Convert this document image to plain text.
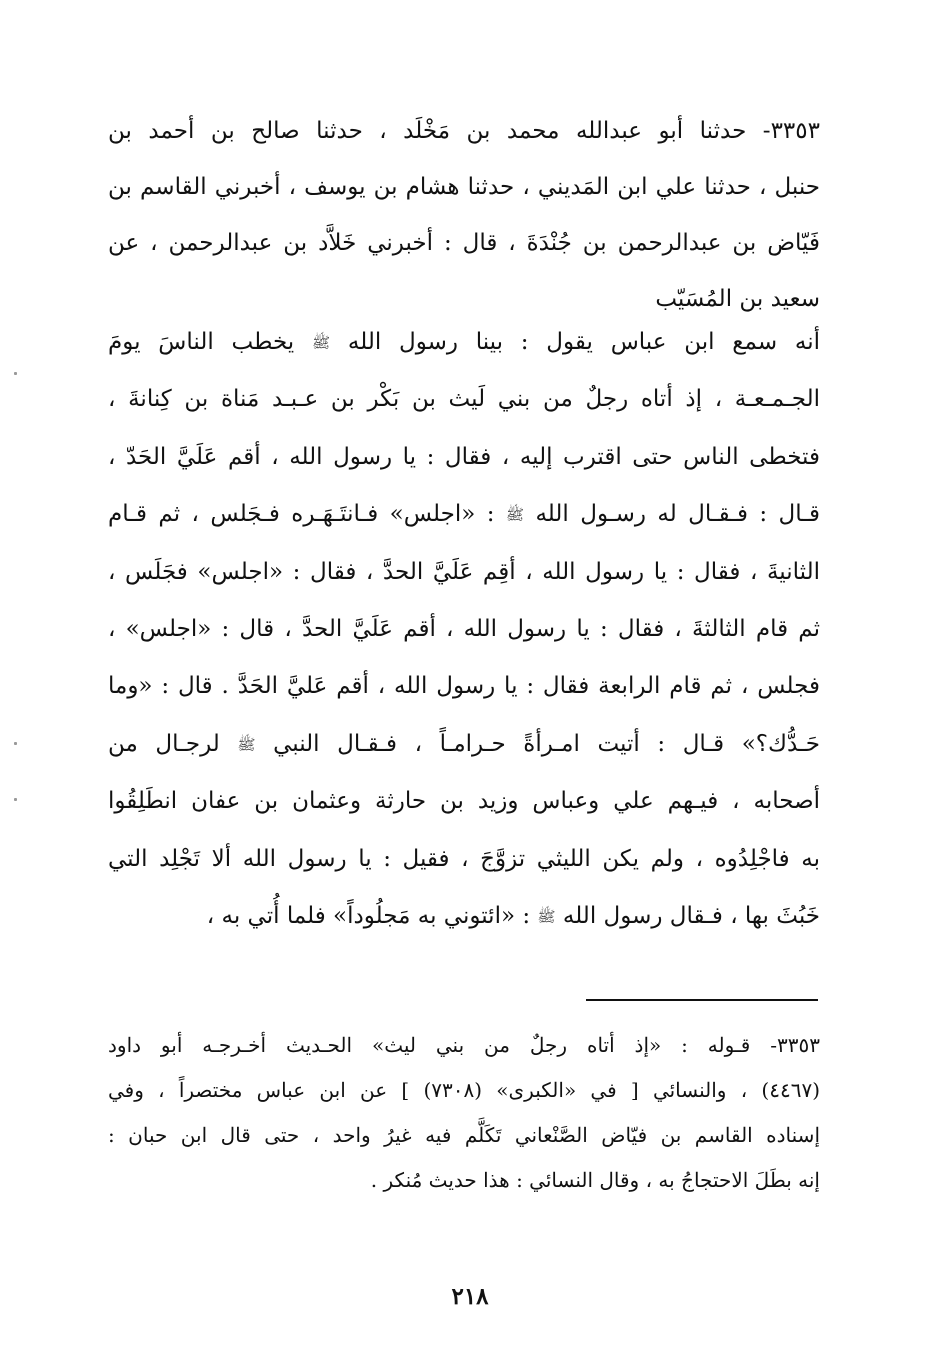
٣٣٥٣- حدثنا أبو عبدالله محمد بن مَخْلَد ، حدثنا صالح بن أحمد بن
حنبل ، حدثنا علي ابن المَديني ، حدثنا هشام بن يوسف ، أخبرني القاسم بن
فَيّاض بن عبدالرحمن بن جُنْدَةَ ، قال : أخبرني خَلاَّد بن عبدالرحمن ، عن
سعيد بن المُسَيّب
أنه سمع ابن عباس يقول : بينا رسول الله ﷺ يخطب الناسَ يومَ
الجـمـعـة ، إذ أتاه رجلٌ من بني لَيث بن بَكْر بن عـبـد مَناة بن كِنانةَ ،
فتخطى الناس حتى اقترب إليه ، فقال : يا رسول الله ، أقم عَلَيَّ الحَدّ ،
قـال : فـقـال له رسـول الله ﷺ : «اجلس» فـانتَـهَـره فـجَلس ، ثم قـام
الثانيةَ ، فقال : يا رسول الله ، أقِم عَلَيَّ الحدَّ ، فقال : «اجلس» فجَلَس ،
ثم قام الثالثةَ ، فقال : يا رسول الله ، أقم عَلَيَّ الحدَّ ، قال : «اجلس» ،
فجلس ، ثم قام الرابعة فقال : يا رسول الله ، أقم عَليَّ الحَدَّ . قال : «وما
حَـدُّك؟» قـال : أتيت امـرأةً حـرامـاً ، فـقـال النبي ﷺ لرجـال من
أصحابه ، فيـهم علي وعباس وزيد بن حارثة وعثمان بن عفان انطَلِقُوا
به فاجْلِدُوه ، ولم يكن الليثي تزوَّجَ ، فقيل : يا رسول الله ألا تَجْلِد التي
خَبُثَ بها ، فـقال رسول الله ﷺ : «ائتوني به مَجلُوداً» فلما أُتي به ،
٣٣٥٣- قـوله : «إذ أتاه رجلٌ من بني ليث» الحـديث أخـرجـه أبو داود
(٤٤٦٧) ، والنسائي [ في «الكبرى» (٧٣٠٨) ] عن ابن عباس مختصراً ، وفي
إسناده القاسم بن فيّاض الصَّنْعاني تَكَلَّم فيه غيرُ واحد ، حتى قال ابن حبان :
إنه بطَلَ الاحتجاجُ به ، وقال النسائي : هذا حديث مُنكر .
٢١٨
